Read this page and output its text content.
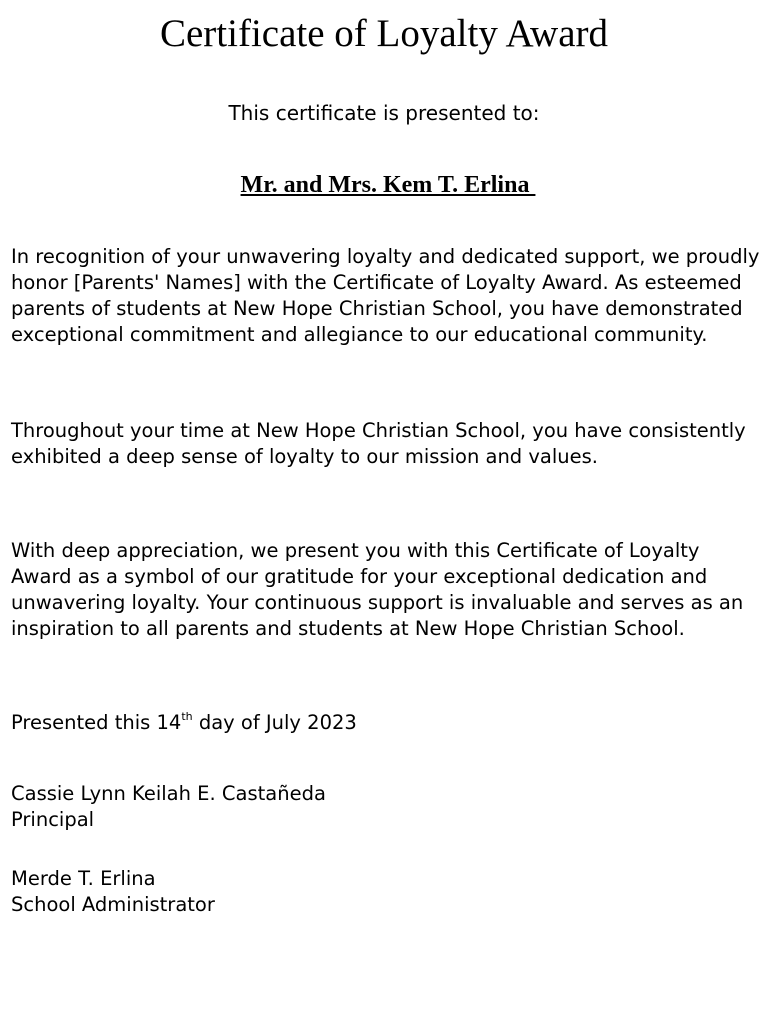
Certificate of Loyalty Award
This certificate is presented to:
Mr. and Mrs. Kem T. Erlina

In recognition of your unwavering loyalty and dedicated support, we proudly honor [Parents' Names] with the Certificate of Loyalty Award. As esteemed parents of students at New Hope Christian School, you have demonstrated exceptional commitment and allegiance to our educational community.

Throughout your time at New Hope Christian School, you have consistently exhibited a deep sense of loyalty to our mission and values.

With deep appreciation, we present you with this Certificate of Loyalty Award as a symbol of our gratitude for your exceptional dedication and unwavering loyalty. Your continuous support is invaluable and serves as an inspiration to all parents and students at New Hope Christian School.

Presented this 14th day of July 2023

Cassie Lynn Keilah E. Castañeda
Principal
Merde T. Erlina
School Administrator
